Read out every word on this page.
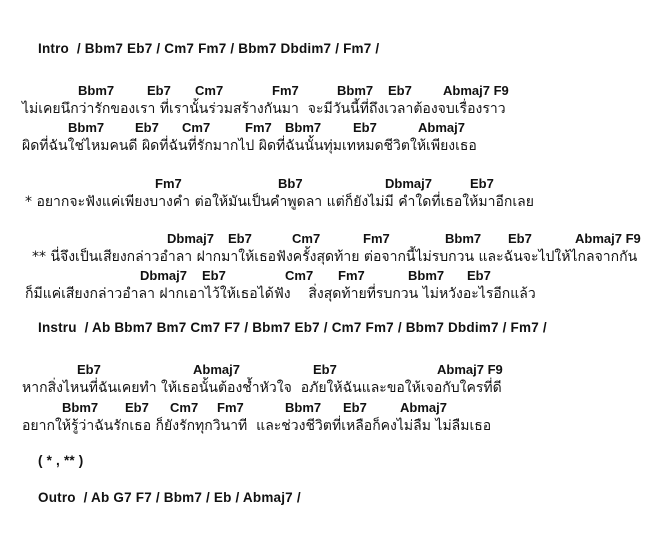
Intro  / Bbm7 Eb7 / Cm7 Fm7 / Bbm7 Dbdim7 / Fm7 /
Bbm7	Eb7 Cm7	Fm7	Bbm7 Eb7 Abmaj7 F9
ไม่เคยนึกว่ารักของเรา ที่เรานั้นร่วมสร้างกันมา  จะมีวันนี้ที่ถึงเวลาต้องจบเรื่องราว
Bbm7 Eb7 Cm7	Fm7 Bbm7 Eb7	Abmaj7
ผิดที่ฉันใช่ไหมคนดี ผิดที่ฉันที่รักมากไป ผิดที่ฉันนั้นทุ่มเทหมดชีวิตให้เพียงเธอ
Fm7	Bb7	Dbmaj7	Eb7
* อยากจะฟังแค่เพียงบางคำ ต่อให้มันเป็นคำพูดลา แต่ก็ยังไม่มี คำใดที่เธอให้มาอีกเลย
Dbmaj7 Eb7	Cm7	Fm7	Bbm7 Eb7	Abmaj7 F9
** นี่จึงเป็นเสียงกล่าวอำลา ฝากมาให้เธอฟังครั้งสุดท้าย ต่อจากนี้ไม่รบกวน และฉันจะไปให้ไกลจากกัน
Dbmaj7 Eb7	Cm7 Fm7	Bbm7 Eb7
ก็มีแค่เสียงกล่าวอำลา ฝากเอาไว้ให้เธอได้ฟัง    สิ่งสุดท้ายที่รบกวน ไม่หวังอะไรอีกแล้ว
Instru  / Ab Bbm7 Bm7 Cm7 F7 / Bbm7 Eb7 / Cm7 Fm7 / Bbm7 Dbdim7 / Fm7 /
Eb7	Abmaj7	Eb7	Abmaj7 F9
หากสิ่งไหนที่ฉันเคยทำ ให้เธอนั้นต้องช้ำหัวใจ  อภัยให้ฉันและขอให้เจอกับใครที่ดี
Bbm7 Eb7 Cm7 Fm7	Bbm7 Eb7	Abmaj7
อยากให้รู้ว่าฉันรักเธอ ก็ยังรักทุกวินาที  และช่วงชีวิตที่เหลือก็คงไม่ลืม ไม่ลืมเธอ
( * , ** )
Outro  / Ab G7 F7 / Bbm7 / Eb / Abmaj7 /
